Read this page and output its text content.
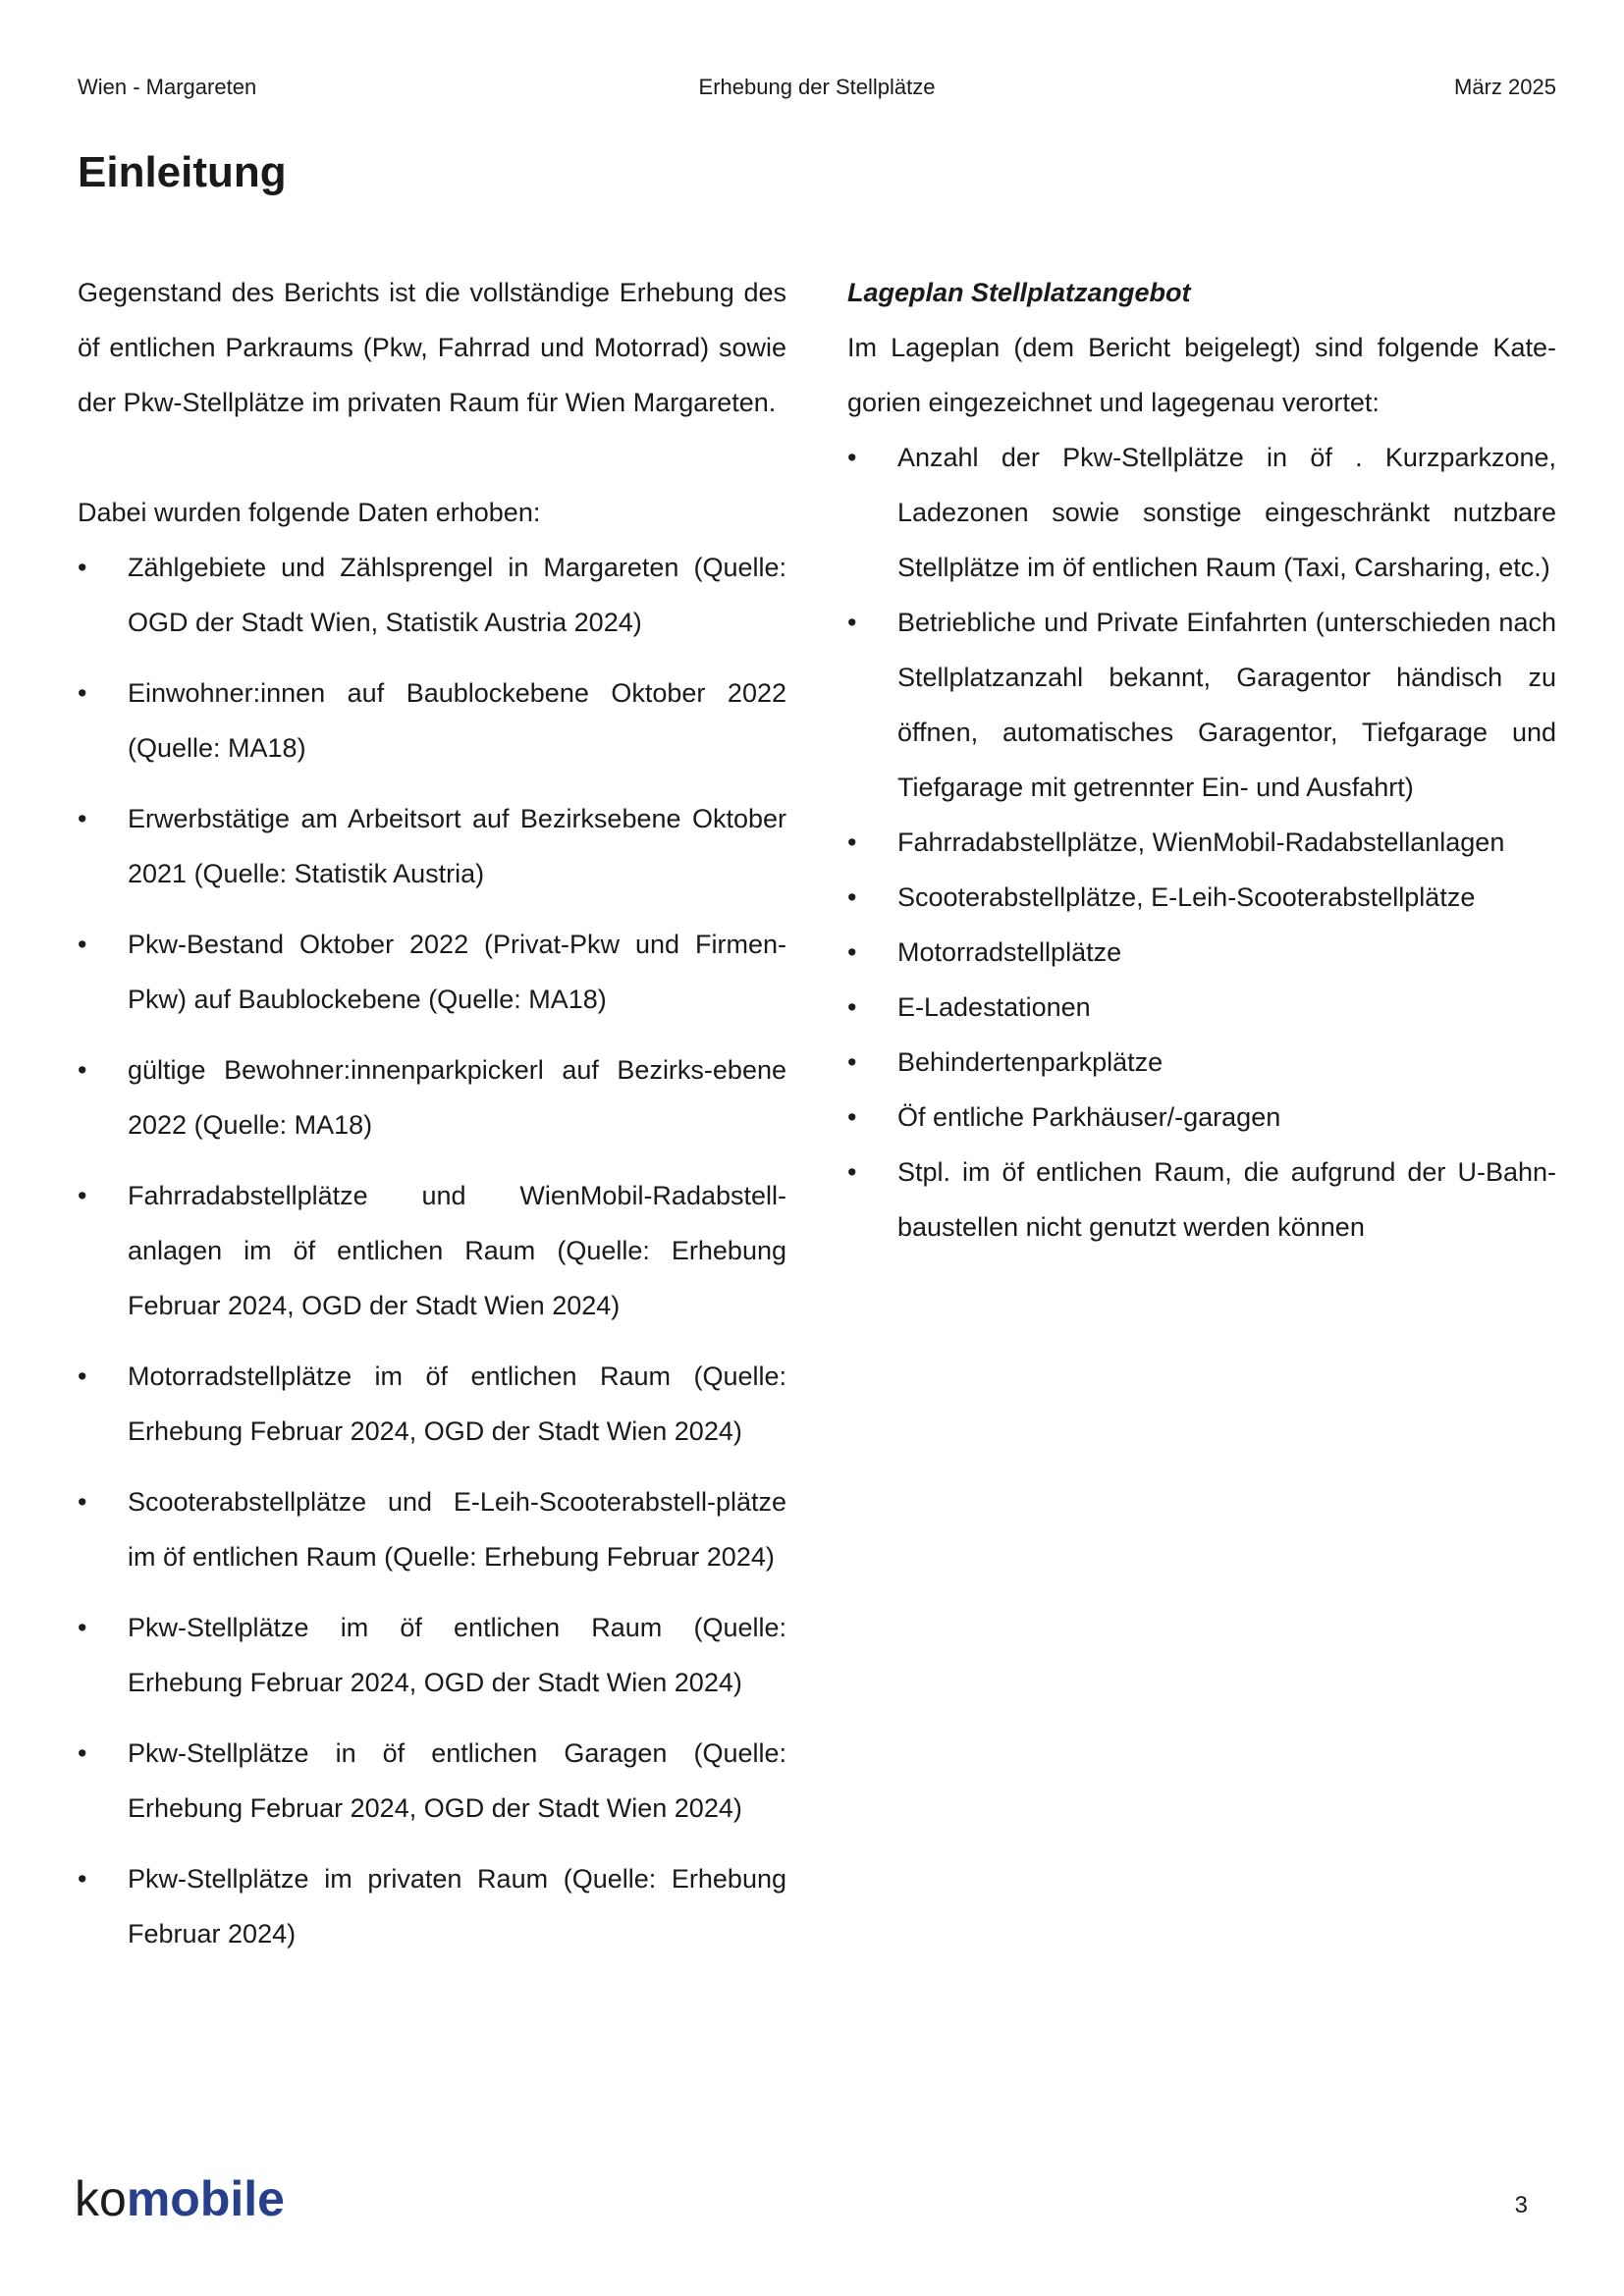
Wien - Margareten	Erhebung der Stellplätze	März 2025
Einleitung

Gegenstand des Berichts ist die vollständige Erhebung des öf entlichen Parkraums (Pkw, Fahrrad und Motorrad) sowie der Pkw-Stellplätze im privaten Raum für Wien Margareten.

Dabei wurden folgende Daten erhoben:

•	Zählgebiete und Zählsprengel in Margareten (Quelle: OGD der Stadt Wien, Statistik Austria 2024)
•	Einwohner:innen auf Baublockebene Oktober 2022 (Quelle: MA18)
•	Erwerbstätige am Arbeitsort auf Bezirksebene Oktober 2021 (Quelle: Statistik Austria)
•	Pkw-Bestand Oktober 2022 (Privat-Pkw und Firmen-Pkw) auf Baublockebene (Quelle: MA18)
•	gültige Bewohner:innenparkpickerl auf Bezirks-ebene 2022 (Quelle: MA18)
•	Fahrradabstellplätze und WienMobil-Radabstell-anlagen im öf entlichen Raum (Quelle: Erhebung Februar 2024, OGD der Stadt Wien 2024)
•	Motorradstellplätze im öf entlichen Raum (Quelle: Erhebung Februar 2024, OGD der Stadt Wien 2024)
•	Scooterabstellplätze und E-Leih-Scooterabstell-plätze im öf entlichen Raum (Quelle: Erhebung Februar 2024)
•	Pkw-Stellplätze im öf entlichen Raum (Quelle: Erhebung Februar 2024, OGD der Stadt Wien 2024)
•	Pkw-Stellplätze in öf entlichen Garagen (Quelle: Erhebung Februar 2024, OGD der Stadt Wien 2024)
•	Pkw-Stellplätze im privaten Raum (Quelle: Erhebung Februar 2024)

Lageplan Stellplatzangebot

Im Lageplan (dem Bericht beigelegt) sind folgende Kate-gorien eingezeichnet und lagegenau verortet:

•	Anzahl der Pkw-Stellplätze in öf . Kurzparkzone, Ladezonen sowie sonstige eingeschränkt nutzbare Stellplätze im öf entlichen Raum (Taxi, Carsharing, etc.)
•	Betriebliche und Private Einfahrten (unterschieden nach Stellplatzanzahl bekannt, Garagentor händisch zu öffnen, automatisches Garagentor, Tiefgarage und Tiefgarage mit getrennter Ein- und Ausfahrt)
•	Fahrradabstellplätze, WienMobil-Radabstellanlagen
•	Scooterabstellplätze, E-Leih-Scooterabstellplätze
•	Motorradstellplätze
•	E-Ladestationen
•	Behindertenparkplätze
•	Öf entliche Parkhäuser/-garagen
•	Stpl. im öf entlichen Raum, die aufgrund der U-Bahn-baustellen nicht genutzt werden können
komobile	3
